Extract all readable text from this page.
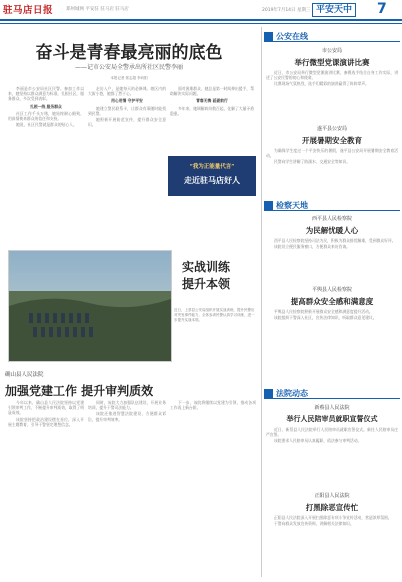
驻马店日报	郑州城网 平安驻 驻马店 驻马店	2019年7月14日 星期三 平安天中 7
奋斗是青春最亮丽的底色
——记市公安局全警承出所社区民警李丽
本报记者 郭志超 李向阳

李丽是市公安局社区民警。参加工作以来，她坚持以群众满意为标准，扎根社区，服务群众，多次受到表彰。

扎根一线 服务群众

社区工作千头万绪，她始终耐心细致，用真情换来群众的信任和支持。

她说，社区民警就是群众的贴心人。

走访入户，是她每天的必修课。辖区内的大街小巷，她都了然于心。

用心用情 守护平安

她建立警民联系卡，让群众有事随时能找到民警。

她积极开展防范宣传，提升群众安全意识。

面对困难群众，她总是第一时间伸出援手，帮助解决实际问题。

青春无悔 砥砺前行

多年来，她调解纠纷数百起，化解了大量矛盾隐患。

实战训练
提升本领
近日，上蔡县公安局组织开展实战训练，提升民警应对突发事件能力，全体参训民警认真学习训练，进一步提升实战本领。
确山县人民法院
加强党建工作 提升审判质效

今年以来，确山县人民法院坚持以党建引领审判工作，不断提升审判质效，取得了明显成效。

该院坚持把政治建设摆在首位，深入开展主题教育，引导干警坚定理想信念。

同时，该院大力加强队伍建设，开展业务培训，提升干警司法能力。

该院还推进智慧法院建设，方便群众诉讼，提升审判效率。

下一步，该院将继续以党建为引领，推动各项工作再上新台阶。

公安在线
市公安局
举行微型党课演讲比赛

近日，市公安局举行微型党课演讲比赛，参赛选手结合自身工作实际，讲述了公安民警的初心和使命。

比赛现场气氛热烈，选手们精彩的演讲赢得了阵阵掌声。

遂平县公安局
开展暑期安全教育

为确保学生度过一个平安快乐的暑假，遂平县公安局开展暑期安全教育活动。

民警向学生讲解了防溺水、交通安全等知识。

检察天地
“我为正能量代言”
走近驻马店好人
西平县人民检察院
为民解忧暖人心

西平县人民检察院坚持司法为民，积极为群众排忧解难，受到群众好评。

该院设立便民服务窗口，方便群众来访咨询。

平舆县人民检察院
提高群众安全感和满意度

平舆县人民检察院积极开展群众安全感和满意度提升活动。

该院组织干警深入社区，宣传法律知识，听取群众意见建议。

法院动态
新蔡县人民法院
举行人民陪审员就职宣誓仪式

近日，新蔡县人民法院举行人民陪审员就职宣誓仪式。新任人民陪审员庄严宣誓。

该院要求人民陪审员认真履职，依法参与审判活动。

正阳县人民法院
打黑除恶宣传忙

正阳县人民法院深入开展扫黑除恶专项斗争宣传活动，营造浓厚氛围。

干警向群众发放宣传资料，讲解相关法律知识。
